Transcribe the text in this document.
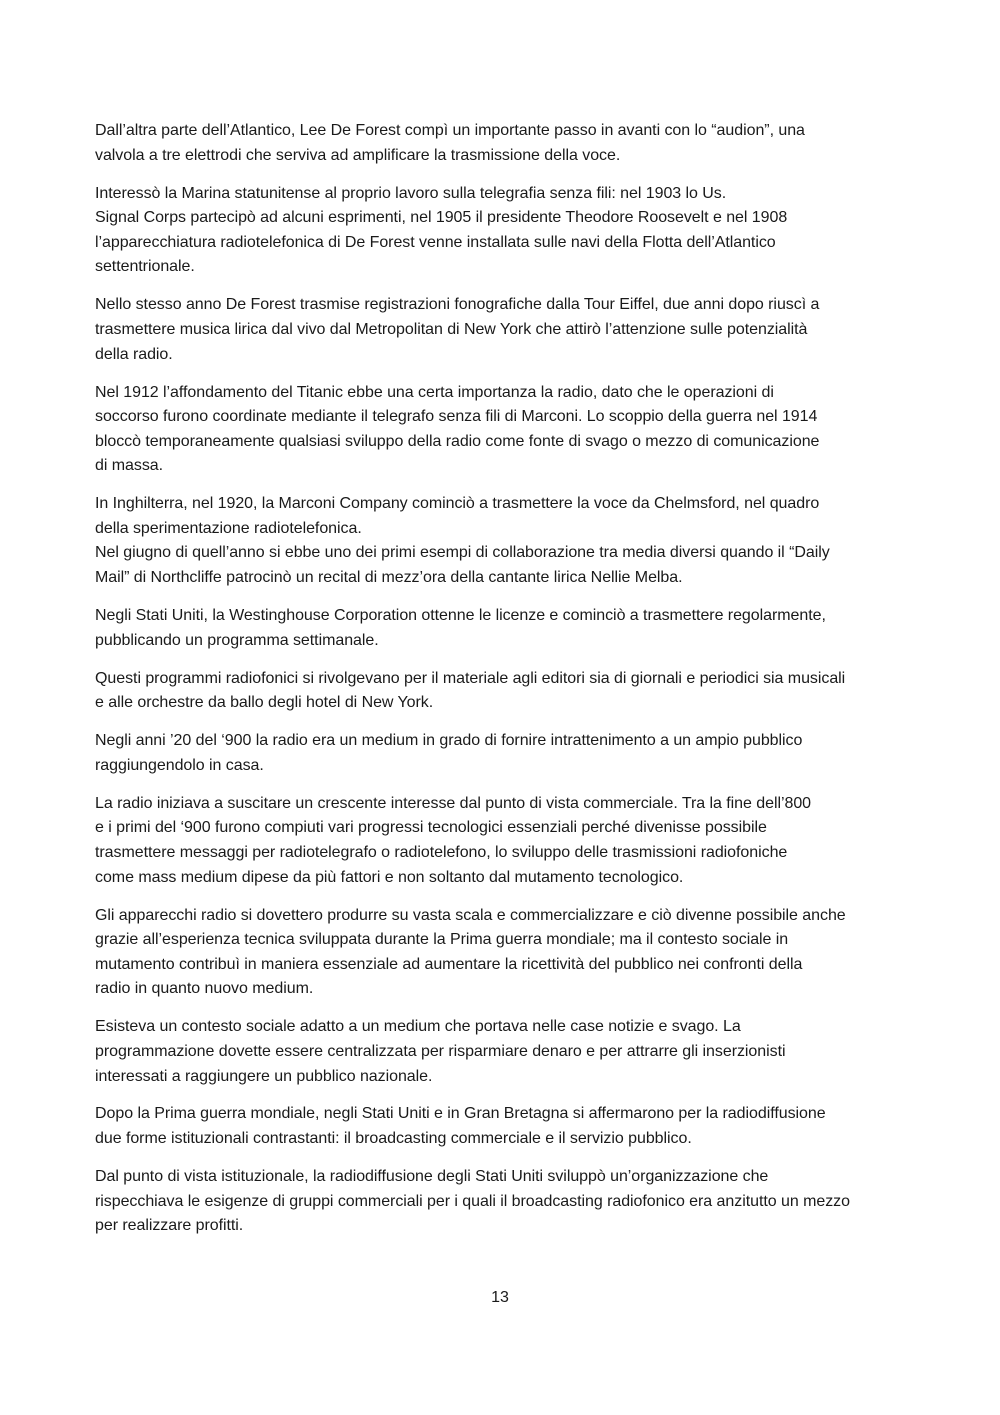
Dall’altra parte dell’Atlantico, Lee De Forest compì un importante passo in avanti con lo “audion”, una
valvola a tre elettrodi che serviva ad amplificare la trasmissione della voce.

Interessò la Marina statunitense al proprio lavoro sulla telegrafia senza fili: nel 1903 lo Us.
Signal Corps partecipò ad alcuni esprimenti, nel 1905 il presidente Theodore Roosevelt e nel 1908
l’apparecchiatura radiotelefonica di De Forest venne installata sulle navi della Flotta dell’Atlantico
settentrionale.

Nello stesso anno De Forest trasmise registrazioni fonografiche dalla Tour Eiffel, due anni dopo riuscì a
trasmettere musica lirica dal vivo dal Metropolitan di New York che attirò l’attenzione sulle potenzialità
della radio.

Nel 1912 l’affondamento del Titanic ebbe una certa importanza la radio, dato che le operazioni di
soccorso furono coordinate mediante il telegrafo senza fili di Marconi. Lo scoppio della guerra nel 1914
bloccò temporaneamente qualsiasi sviluppo della radio come fonte di svago o mezzo di comunicazione
di massa.

In Inghilterra, nel 1920, la Marconi Company cominciò a trasmettere la voce da Chelmsford, nel quadro
della sperimentazione radiotelefonica.
Nel giugno di quell’anno si ebbe uno dei primi esempi di collaborazione tra media diversi quando il “Daily
Mail” di Northcliffe patrocinò un recital di mezz’ora della cantante lirica Nellie Melba.

Negli Stati Uniti, la Westinghouse Corporation ottenne le licenze e cominciò a trasmettere regolarmente,
pubblicando un programma settimanale.

Questi programmi radiofonici si rivolgevano per il materiale agli editori sia di giornali e periodici sia musicali
e alle orchestre da ballo degli hotel di New York.

Negli anni ’20 del ‘900 la radio era un medium in grado di fornire intrattenimento a un ampio pubblico
raggiungendolo in casa.

La radio iniziava a suscitare un crescente interesse dal punto di vista commerciale. Tra la fine dell’800
e i primi del ‘900 furono compiuti vari progressi tecnologici essenziali perché divenisse possibile
trasmettere messaggi per radiotelegrafo o radiotelefono, lo sviluppo delle trasmissioni radiofoniche
come mass medium dipese da più fattori e non soltanto dal mutamento tecnologico.

Gli apparecchi radio si dovettero produrre su vasta scala e commercializzare e ciò divenne possibile anche
grazie all’esperienza tecnica sviluppata durante la Prima guerra mondiale; ma il contesto sociale in
mutamento contribuì in maniera essenziale ad aumentare la ricettività del pubblico nei confronti della
radio in quanto nuovo medium.

Esisteva un contesto sociale adatto a un medium che portava nelle case notizie e svago. La
programmazione dovette essere centralizzata per risparmiare denaro e per attrarre gli inserzionisti
interessati a raggiungere un pubblico nazionale.

Dopo la Prima guerra mondiale, negli Stati Uniti e in Gran Bretagna si affermarono per la radiodiffusione
due forme istituzionali contrastanti: il broadcasting commerciale e il servizio pubblico.

Dal punto di vista istituzionale, la radiodiffusione degli Stati Uniti sviluppò un’organizzazione che
rispecchiava le esigenze di gruppi commerciali per i quali il broadcasting radiofonico era anzitutto un mezzo
per realizzare profitti.

13
